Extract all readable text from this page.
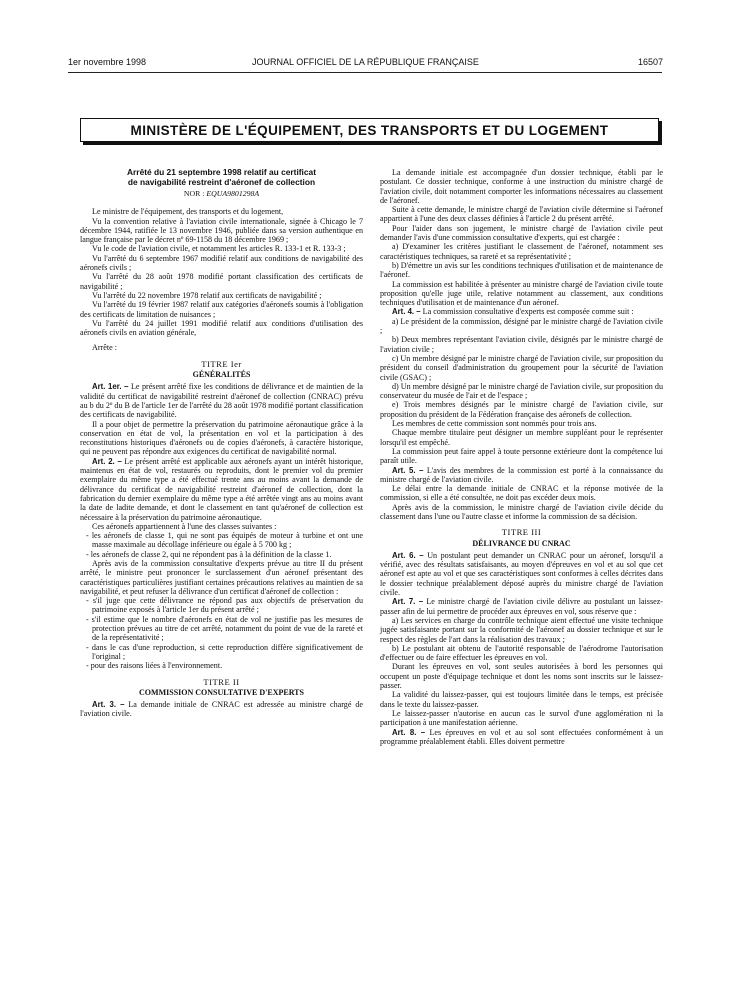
1er novembre 1998	JOURNAL OFFICIEL DE LA RÉPUBLIQUE FRANÇAISE	16507
MINISTÈRE DE L'ÉQUIPEMENT, DES TRANSPORTS ET DU LOGEMENT
Arrêté du 21 septembre 1998 relatif au certificat
de navigabilité restreint d'aéronef de collection
NOR : EQUA9801298A

Le ministre de l'équipement, des transports et du logement,

Vu la convention relative à l'aviation civile internationale, signée à Chicago le 7 décembre 1944, ratifiée le 13 novembre 1946, publiée dans sa version authentique en langue française par le décret nº 69-1158 du 18 décembre 1969 ;

Vu le code de l'aviation civile, et notamment les articles R. 133-1 et R. 133-3 ;

Vu l'arrêté du 6 septembre 1967 modifié relatif aux conditions de navigabilité des aéronefs civils ;

Vu l'arrêté du 28 août 1978 modifié portant classification des certificats de navigabilité ;

Vu l'arrêté du 22 novembre 1978 relatif aux certificats de navigabilité ;

Vu l'arrêté du 19 février 1987 relatif aux catégories d'aéronefs soumis à l'obligation des certificats de limitation de nuisances ;

Vu l'arrêté du 24 juillet 1991 modifié relatif aux conditions d'utilisation des aéronefs civils en aviation générale,

Arrête :

TITRE Ier
GÉNÉRALITÉS

Art. 1er. – Le présent arrêté fixe les conditions de délivrance et de maintien de la validité du certificat de navigabilité restreint d'aéronef de collection (CNRAC) prévu au b du 2º du B de l'article 1er de l'arrêté du 28 août 1978 modifié portant classification des certificats de navigabilité.

Il a pour objet de permettre la préservation du patrimoine aéronautique grâce à la conservation en état de vol, la présentation en vol et la participation à des reconstitutions historiques d'aéronefs ou de copies d'aéronefs, à caractère historique, qui ne peuvent pas répondre aux exigences du certificat de navigabilité normal.

Art. 2. – Le présent arrêté est applicable aux aéronefs ayant un intérêt historique, maintenus en état de vol, restaurés ou reproduits, dont le premier vol du premier exemplaire du même type a été effectué trente ans au moins avant la demande de délivrance du certificat de navigabilité restreint d'aéronef de collection, dont la fabrication du dernier exemplaire du même type a été arrêtée vingt ans au moins avant la date de ladite demande, et dont le classement en tant qu'aéronef de collection est nécessaire à la préservation du patrimoine aéronautique.

Ces aéronefs appartiennent à l'une des classes suivantes :

- les aéronefs de classe 1, qui ne sont pas équipés de moteur à turbine et ont une masse maximale au décollage inférieure ou égale à 5 700 kg ;
- les aéronefs de classe 2, qui ne répondent pas à la définition de la classe 1.

Après avis de la commission consultative d'experts prévue au titre II du présent arrêté, le ministre peut prononcer le surclassement d'un aéronef présentant des caractéristiques particulières justifiant certaines précautions relatives au maintien de sa navigabilité, et peut refuser la délivrance d'un certificat d'aéronef de collection :

- s'il juge que cette délivrance ne répond pas aux objectifs de préservation du patrimoine exposés à l'article 1er du présent arrêté ;
- s'il estime que le nombre d'aéronefs en état de vol ne justifie pas les mesures de protection prévues au titre de cet arrêté, notamment du point de vue de la rareté et de la représentativité ;
- dans le cas d'une reproduction, si cette reproduction diffère significativement de l'original ;
- pour des raisons liées à l'environnement.
TITRE II
COMMISSION CONSULTATIVE D'EXPERTS

Art. 3. – La demande initiale de CNRAC est adressée au ministre chargé de l'aviation civile.

La demande initiale est accompagnée d'un dossier technique, établi par le postulant. Ce dossier technique, conforme à une instruction du ministre chargé de l'aviation civile, doit notamment comporter les informations nécessaires au classement de l'aéronef.

Suite à cette demande, le ministre chargé de l'aviation civile détermine si l'aéronef appartient à l'une des deux classes définies à l'article 2 du présent arrêté.

Pour l'aider dans son jugement, le ministre chargé de l'aviation civile peut demander l'avis d'une commission consultative d'experts, qui est chargée :

a) D'examiner les critères justifiant le classement de l'aéronef, notamment ses caractéristiques techniques, sa rareté et sa représentativité ;

b) D'émettre un avis sur les conditions techniques d'utilisation et de maintenance de l'aéronef.

La commission est habilitée à présenter au ministre chargé de l'aviation civile toute proposition qu'elle juge utile, relative notamment au classement, aux conditions techniques d'utilisation et de maintenance d'un aéronef.

Art. 4. – La commission consultative d'experts est composée comme suit :

a) Le président de la commission, désigné par le ministre chargé de l'aviation civile ;

b) Deux membres représentant l'aviation civile, désignés par le ministre chargé de l'aviation civile ;

c) Un membre désigné par le ministre chargé de l'aviation civile, sur proposition du président du conseil d'administration du groupement pour la sécurité de l'aviation civile (GSAC) ;

d) Un membre désigné par le ministre chargé de l'aviation civile, sur proposition du conservateur du musée de l'air et de l'espace ;

e) Trois membres désignés par le ministre chargé de l'aviation civile, sur proposition du président de la Fédération française des aéronefs de collection.

Les membres de cette commission sont nommés pour trois ans.

Chaque membre titulaire peut désigner un membre suppléant pour le représenter lorsqu'il est empêché.

La commission peut faire appel à toute personne extérieure dont la compétence lui paraît utile.

Art. 5. – L'avis des membres de la commission est porté à la connaissance du ministre chargé de l'aviation civile.

Le délai entre la demande initiale de CNRAC et la réponse motivée de la commission, si elle a été consultée, ne doit pas excéder deux mois.

Après avis de la commission, le ministre chargé de l'aviation civile décide du classement dans l'une ou l'autre classe et informe la commission de sa décision.

TITRE III
DÉLIVRANCE DU CNRAC

Art. 6. – Un postulant peut demander un CNRAC pour un aéronef, lorsqu'il a vérifié, avec des résultats satisfaisants, au moyen d'épreuves en vol et au sol que cet aéronef est apte au vol et que ses caractéristiques sont conformes à celles décrites dans le dossier technique préalablement déposé auprès du ministre chargé de l'aviation civile.

Art. 7. – Le ministre chargé de l'aviation civile délivre au postulant un laissez-passer afin de lui permettre de procéder aux épreuves en vol, sous réserve que :

a) Les services en charge du contrôle technique aient effectué une visite technique jugée satisfaisante portant sur la conformité de l'aéronef au dossier technique et sur le respect des règles de l'art dans la réalisation des travaux ;

b) Le postulant ait obtenu de l'autorité responsable de l'aérodrome l'autorisation d'effectuer ou de faire effectuer les épreuves en vol.

Durant les épreuves en vol, sont seules autorisées à bord les personnes qui occupent un poste d'équipage technique et dont les noms sont inscrits sur le laissez-passer.

La validité du laissez-passer, qui est toujours limitée dans le temps, est précisée dans le texte du laissez-passer.

Le laissez-passer n'autorise en aucun cas le survol d'une agglomération ni la participation à une manifestation aérienne.

Art. 8. – Les épreuves en vol et au sol sont effectuées conformément à un programme préalablement établi. Elles doivent permettre
